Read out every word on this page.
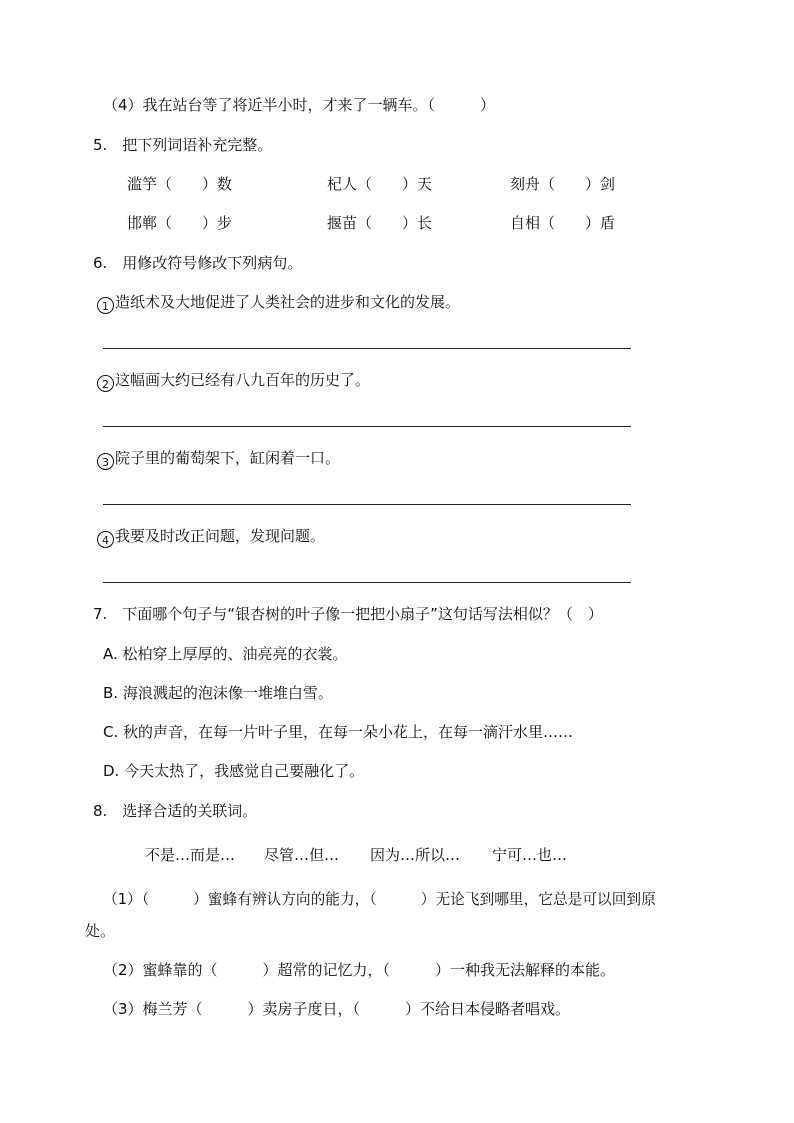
（4）我在站台等了将近半小时，才来了一辆车。（　　　）
5.　把下列词语补充完整。
滥竽（　　）数	杞人（　　）天	刻舟（　　）剑
邯郸（　　）步	揠苗（　　）长	自相（　　）盾
6.　用修改符号修改下列病句。
1 造纸术及大地促进了人类社会的进步和文化的发展。
2 这幅画大约已经有八九百年的历史了。
3 院子里的葡萄架下，缸闲着一口。
4 我要及时改正问题，发现问题。
7.　下面哪个句子与“银杏树的叶子像一把把小扇子”这句话写法相似？（　）
A. 松柏穿上厚厚的、油亮亮的衣裳。
B. 海浪溅起的泡沫像一堆堆白雪。
C. 秋的声音，在每一片叶子里，在每一朵小花上，在每一滴汗水里……
D. 今天太热了，我感觉自己要融化了。
8.　选择合适的关联词。
不是…而是… 尽管…但… 因为…所以… 宁可…也…
（1）（　　　）蜜蜂有辨认方向的能力，（　　　）无论飞到哪里，它总是可以回到原
处。
（2）蜜蜂靠的（　　　）超常的记忆力，（　　　）一种我无法解释的本能。
（3）梅兰芳（　　　）卖房子度日，（　　　）不给日本侵略者唱戏。
